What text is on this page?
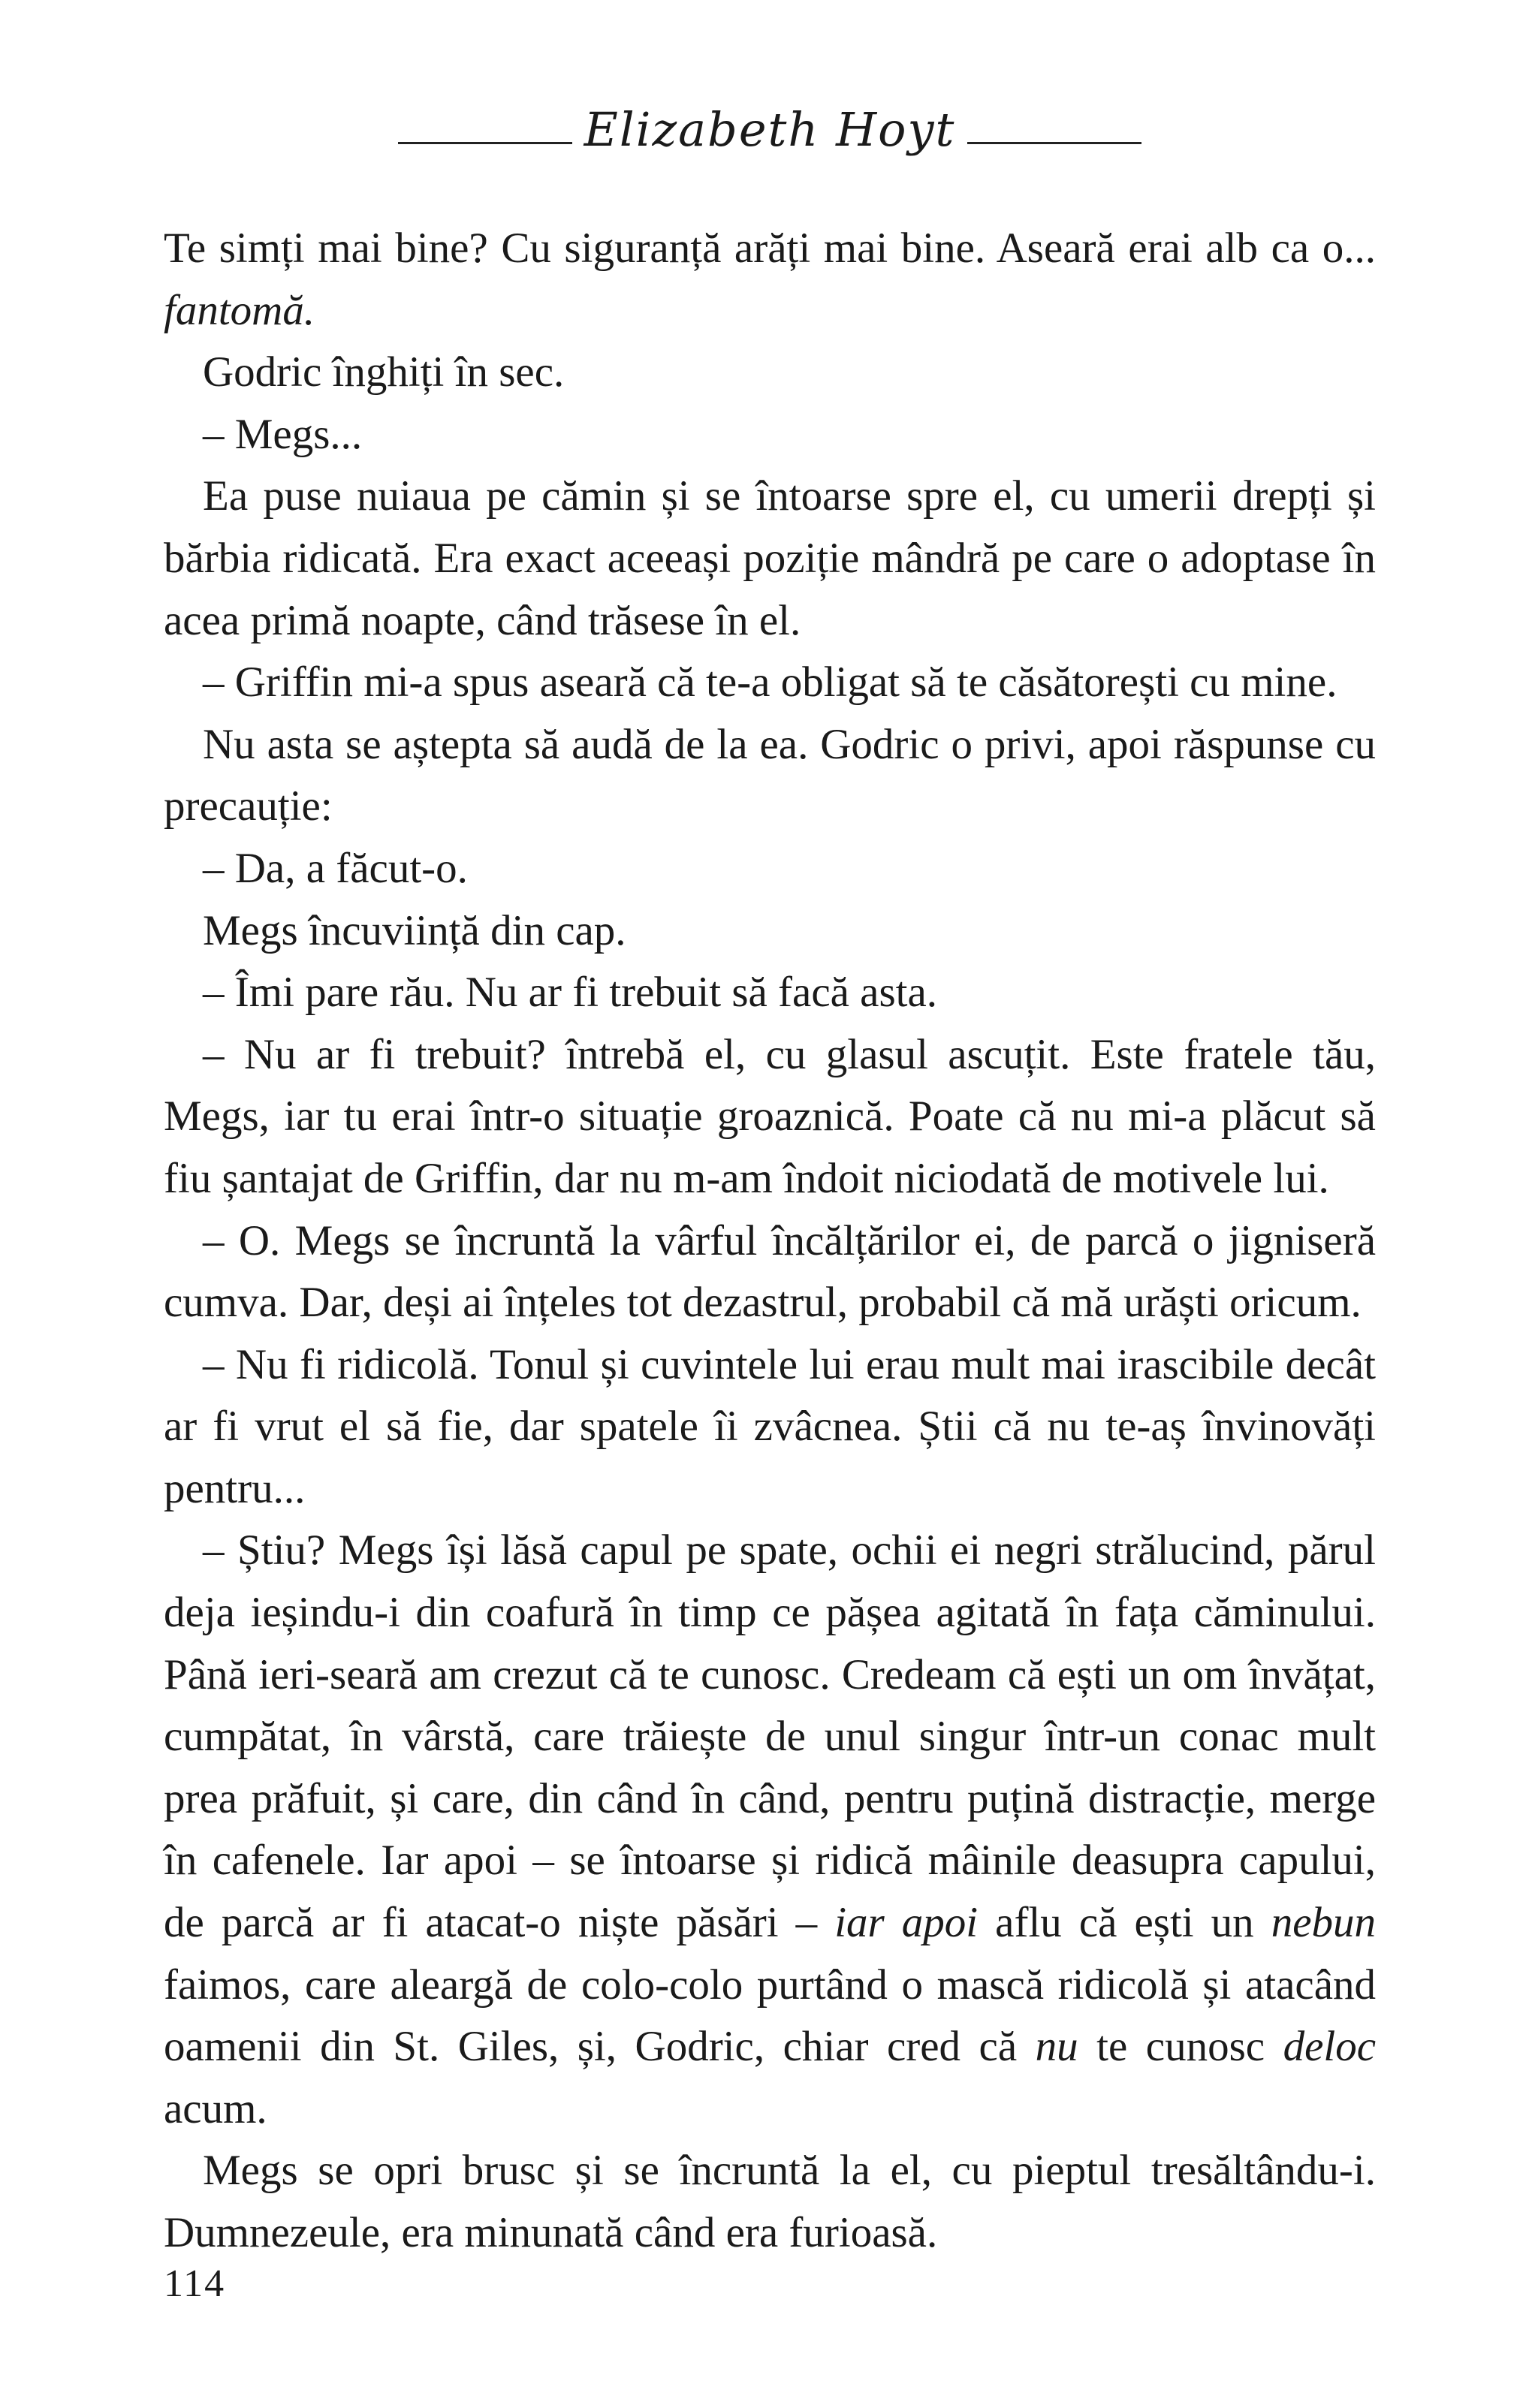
Elizabeth Hoyt

Te simți mai bine? Cu siguranță arăți mai bine. Aseară erai alb ca o... fantomă.

Godric înghiți în sec.

– Megs...

Ea puse nuiaua pe cămin și se întoarse spre el, cu umerii drepți și bărbia ridicată. Era exact aceeași poziție mândră pe care o adoptase în acea primă noapte, când trăsese în el.

– Griffin mi-a spus aseară că te-a obligat să te căsătorești cu mine.

Nu asta se aștepta să audă de la ea. Godric o privi, apoi răspunse cu precauție:

– Da, a făcut-o.

Megs încuviință din cap.

– Îmi pare rău. Nu ar fi trebuit să facă asta.

– Nu ar fi trebuit? întrebă el, cu glasul ascuțit. Este fratele tău, Megs, iar tu erai într-o situație groaznică. Poate că nu mi-a plăcut să fiu șantajat de Griffin, dar nu m-am îndoit niciodată de motivele lui.

– O. Megs se încruntă la vârful încălțărilor ei, de parcă o jigniseră cumva. Dar, deși ai înțeles tot dezastrul, probabil că mă urăști oricum.

– Nu fi ridicolă. Tonul și cuvintele lui erau mult mai irascibile decât ar fi vrut el să fie, dar spatele îi zvâcnea. Știi că nu te-aș învinovăți pentru...

– Știu? Megs își lăsă capul pe spate, ochii ei negri strălucind, părul deja ieșindu-i din coafură în timp ce pășea agitată în fața căminului. Până ieri-seară am crezut că te cunosc. Credeam că ești un om învățat, cumpătat, în vârstă, care trăiește de unul singur într-un conac mult prea prăfuit, și care, din când în când, pentru puțină distracție, merge în cafenele. Iar apoi – se întoarse și ridică mâinile deasupra capului, de parcă ar fi atacat-o niște păsări – iar apoi aflu că ești un nebun faimos, care aleargă de colo-colo purtând o mască ridicolă și atacând oamenii din St. Giles, și, Godric, chiar cred că nu te cunosc deloc acum.

Megs se opri brusc și se încruntă la el, cu pieptul tresăltându-i. Dumnezeule, era minunată când era furioasă.

114
